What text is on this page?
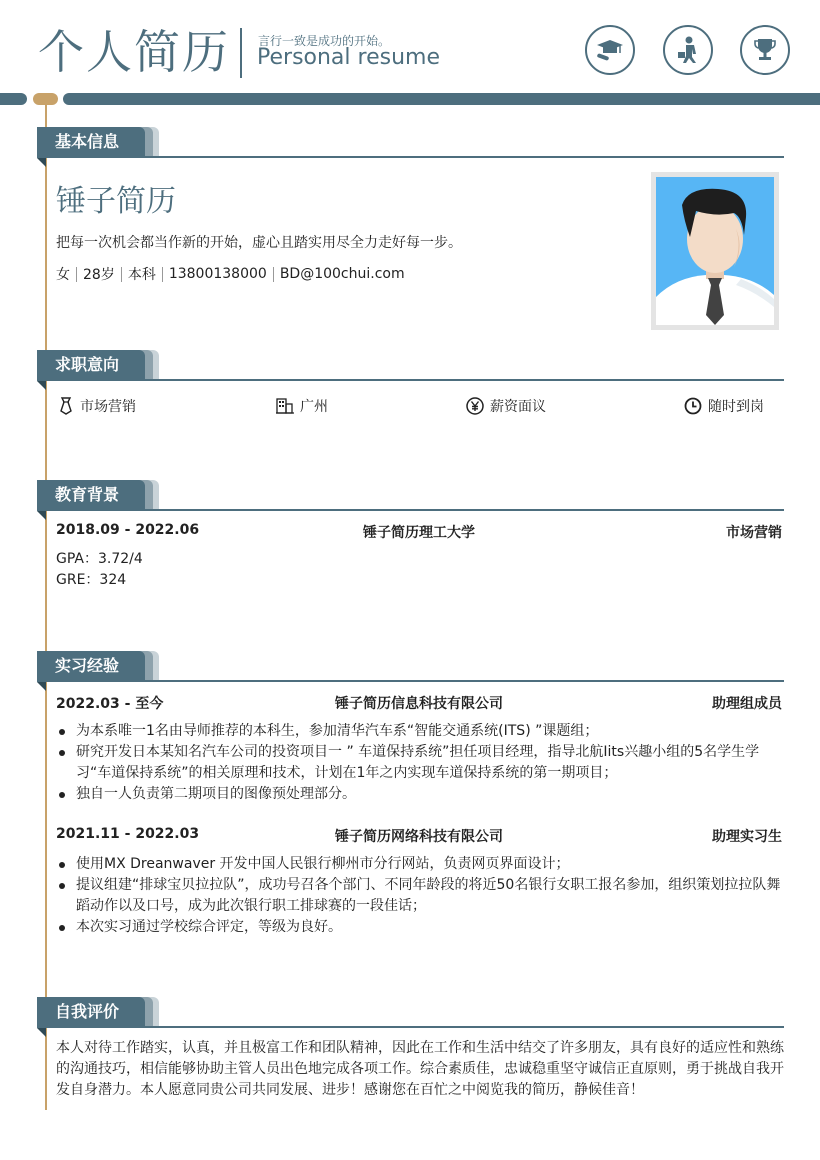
个人简历 言行一致是成功的开始。
Personal resume
基本信息
锤子简历
把每一次机会都当作新的开始，虚心且踏实用尽全力走好每一步。
女 28岁 本科 13800138000 BD@100chui.com
求职意向
市场营销	广州	薪资面议	随时到岗
教育背景
2018.09 - 2022.06	锤子简历理工大学	市场营销
GPA：3.72/4
GRE：324
实习经验
2022.03 - 至今	锤子简历信息科技有限公司	助理组成员
为本系唯一1名由导师推荐的本科生，参加清华汽车系“智能交通系统(ITS) ”课题组；
研究开发日本某知名汽车公司的投资项目一 ” 车道保持系统”担任项目经理，指导北航Iits兴趣小组的5名学生学习“车道保持系统”的相关原理和技术，计划在1年之内实现车道保持系统的第一期项目；
独自一人负责第二期项目的图像预处理部分。
2021.11 - 2022.03	锤子简历网络科技有限公司	助理实习生
使用MX Dreanwaver 开发中国人民银行柳州市分行网站，负责网页界面设计；
提议组建“排球宝贝拉拉队”，成功号召各个部门、不同年龄段的将近50名银行女职工报名参加，组织策划拉拉队舞蹈动作以及口号，成为此次银行职工排球赛的一段佳话；
本次实习通过学校综合评定，等级为良好。
自我评价
本人对待工作踏实，认真，并且极富工作和团队精神，因此在工作和生活中结交了许多朋友，具有良好的适应性和熟练的沟通技巧，相信能够协助主管人员出色地完成各项工作。综合素质佳，忠诚稳重坚守诚信正直原则，勇于挑战自我开发自身潜力。本人愿意同贵公司共同发展、进步！感谢您在百忙之中阅览我的简历，静候佳音！
